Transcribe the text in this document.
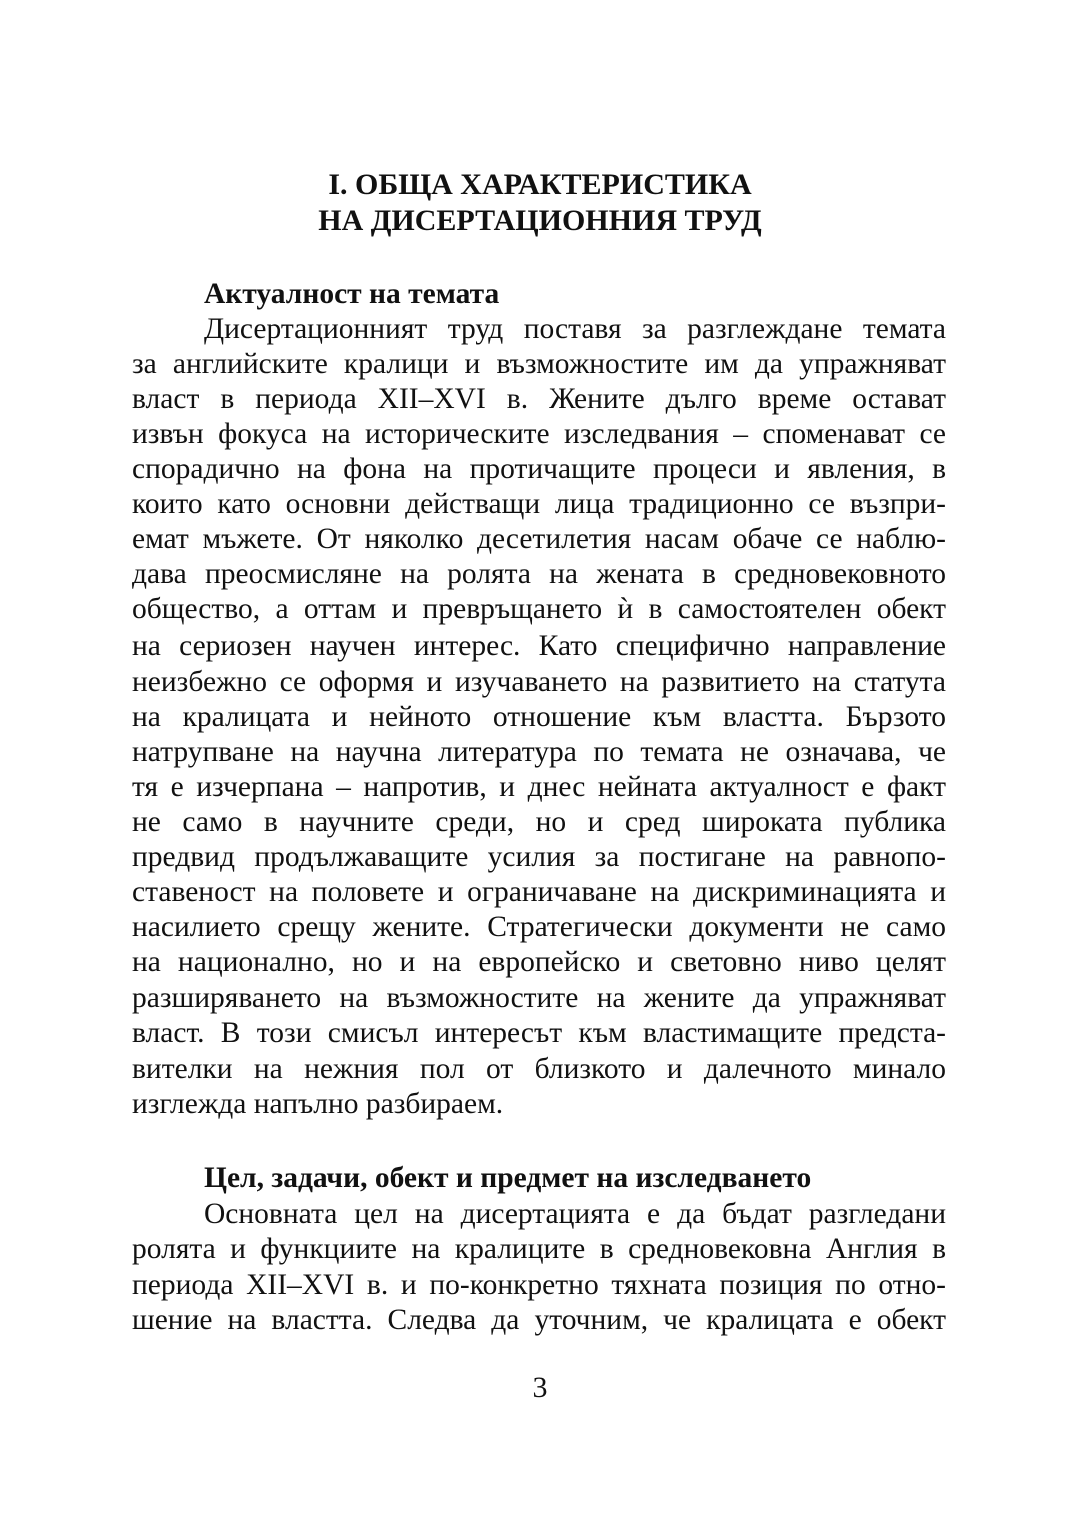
I. ОБЩА ХАРАКТЕРИСТИКА
НА ДИСЕРТАЦИОННИЯ ТРУД
Актуалност на темата
Дисертационният труд поставя за разглеждане темата
за английските кралици и възможностите им да упражняват
власт в периода XII–XVI в. Жените дълго време остават
извън фокуса на историческите изследвания – споменават се
спорадично на фона на протичащите процеси и явления, в
които като основни действащи лица традиционно се възпри-
емат мъжете. От няколко десетилетия насам обаче се наблю-
дава преосмисляне на ролята на жената в средновековното
общество, а оттам и превръщането ѝ в самостоятелен обект
на сериозен научен интерес. Като специфично направление
неизбежно се оформя и изучаването на развитието на статута
на кралицата и нейното отношение към властта. Бързото
натрупване на научна литература по темата не означава, че
тя е изчерпана – напротив, и днес нейната актуалност е факт
не само в научните среди, но и сред широката публика
предвид продължаващите усилия за постигане на равнопо-
ставеност на половете и ограничаване на дискриминацията и
насилието срещу жените. Стратегически документи не само
на национално, но и на европейско и световно ниво целят
разширяването на възможностите на жените да упражняват
власт. В този смисъл интересът към властимащите предста-
вителки на нежния пол от близкото и далечното минало
изглежда напълно разбираем.
Цел, задачи, обект и предмет на изследването
Основната цел на дисертацията е да бъдат разгледани
ролята и функциите на кралиците в средновековна Англия в
периода XII–XVI в. и по-конкретно тяхната позиция по отно-
шение на властта. Следва да уточним, че кралицата е обект
3
